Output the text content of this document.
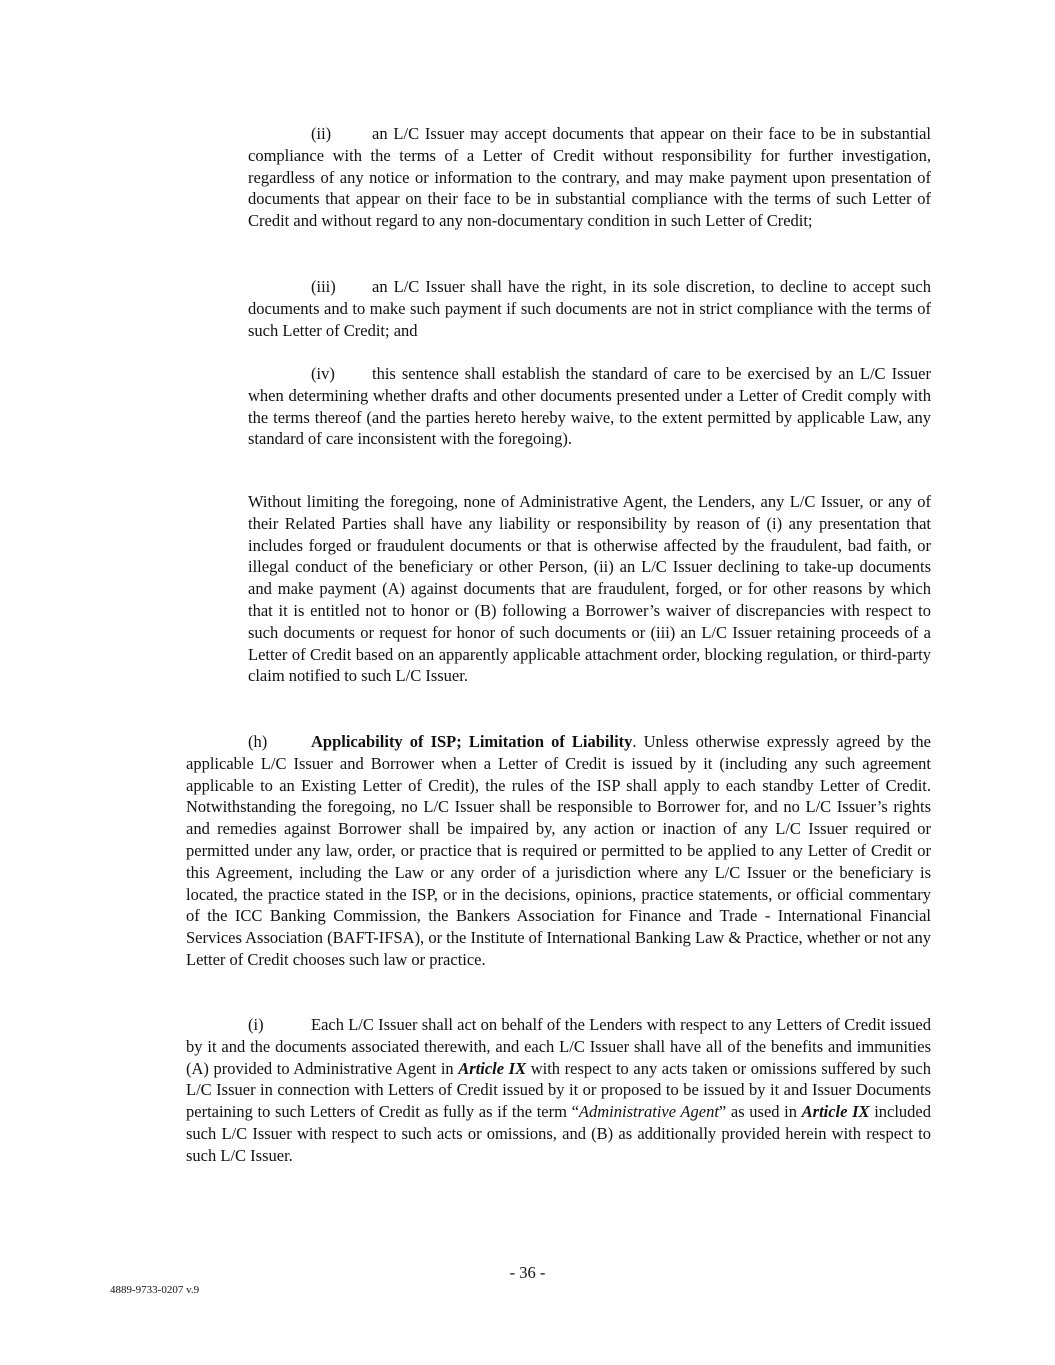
(ii) an L/C Issuer may accept documents that appear on their face to be in substantial compliance with the terms of a Letter of Credit without responsibility for further investigation, regardless of any notice or information to the contrary, and may make payment upon presentation of documents that appear on their face to be in substantial compliance with the terms of such Letter of Credit and without regard to any non-documentary condition in such Letter of Credit;

(iii) an L/C Issuer shall have the right, in its sole discretion, to decline to accept such documents and to make such payment if such documents are not in strict compliance with the terms of such Letter of Credit; and

(iv) this sentence shall establish the standard of care to be exercised by an L/C Issuer when determining whether drafts and other documents presented under a Letter of Credit comply with the terms thereof (and the parties hereto hereby waive, to the extent permitted by applicable Law, any standard of care inconsistent with the foregoing).

Without limiting the foregoing, none of Administrative Agent, the Lenders, any L/C Issuer, or any of their Related Parties shall have any liability or responsibility by reason of (i) any presentation that includes forged or fraudulent documents or that is otherwise affected by the fraudulent, bad faith, or illegal conduct of the beneficiary or other Person, (ii) an L/C Issuer declining to take-up documents and make payment (A) against documents that are fraudulent, forged, or for other reasons by which that it is entitled not to honor or (B) following a Borrower’s waiver of discrepancies with respect to such documents or request for honor of such documents or (iii) an L/C Issuer retaining proceeds of a Letter of Credit based on an apparently applicable attachment order, blocking regulation, or third-party claim notified to such L/C Issuer.

(h)	Applicability of ISP; Limitation of Liability. Unless otherwise expressly agreed by the applicable L/C Issuer and Borrower when a Letter of Credit is issued by it (including any such agreement applicable to an Existing Letter of Credit), the rules of the ISP shall apply to each standby Letter of Credit. Notwithstanding the foregoing, no L/C Issuer shall be responsible to Borrower for, and no L/C Issuer’s rights and remedies against Borrower shall be impaired by, any action or inaction of any L/C Issuer required or permitted under any law, order, or practice that is required or permitted to be applied to any Letter of Credit or this Agreement, including the Law or any order of a jurisdiction where any L/C Issuer or the beneficiary is located, the practice stated in the ISP, or in the decisions, opinions, practice statements, or official commentary of the ICC Banking Commission, the Bankers Association for Finance and Trade - International Financial Services Association (BAFT-IFSA), or the Institute of International Banking Law & Practice, whether or not any Letter of Credit chooses such law or practice.

(i)	Each L/C Issuer shall act on behalf of the Lenders with respect to any Letters of Credit issued by it and the documents associated therewith, and each L/C Issuer shall have all of the benefits and immunities (A) provided to Administrative Agent in Article IX with respect to any acts taken or omissions suffered by such L/C Issuer in connection with Letters of Credit issued by it or proposed to be issued by it and Issuer Documents pertaining to such Letters of Credit as fully as if the term “Administrative Agent” as used in Article IX included such L/C Issuer with respect to such acts or omissions, and (B) as additionally provided herein with respect to such L/C Issuer.

- 36 -
4889-9733-0207 v.9
